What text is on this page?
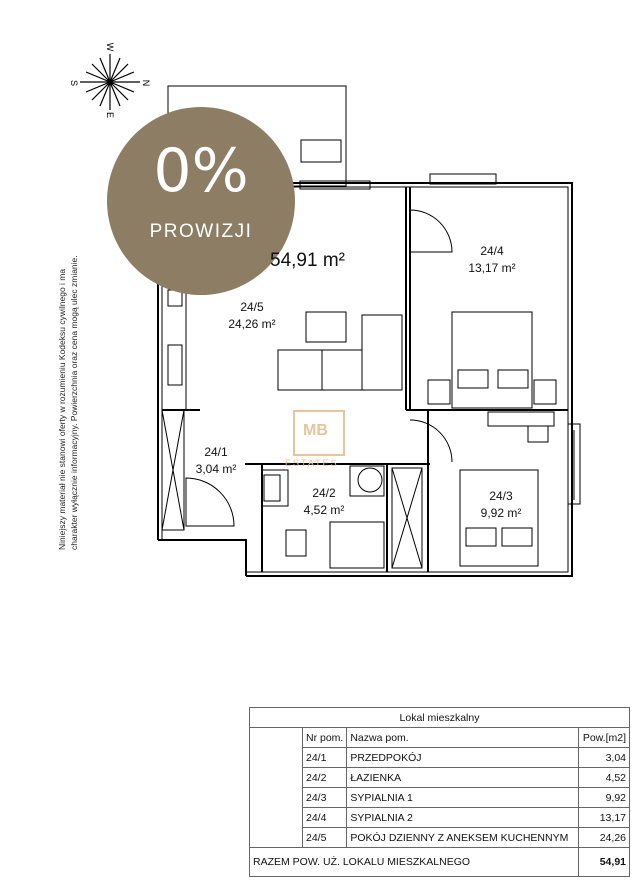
W
S	N
E
Niniejszy materiał nie stanowi oferty w rozumieniu Kodeksu cywilnego i ma charakter wyłącznie informacyjny. Powierzchnia oraz cena mogą ulec zmianie.
0%
PROWIZJI
54,91 m²
24/5
24,26 m²
24/4
13,17 m²
24/1
3,04 m²
24/2
4,52 m²
24/3
9,92 m²
MB
ESTATES
Lokal mieszkalny			
	Nr pom.	Nazwa pom.	Pow.[m2]
	24/1	PRZEDPOKÓJ	3,04
	24/2	ŁAZIENKA	4,52
	24/3	SYPIALNIA 1	9,92
	24/4	SYPIALNIA 2	13,17
	24/5	POKÓJ DZIENNY Z ANEKSEM KUCHENNYM	24,26
RAZEM POW. UŻ. LOKALU MIESZKALNEGO			54,91
